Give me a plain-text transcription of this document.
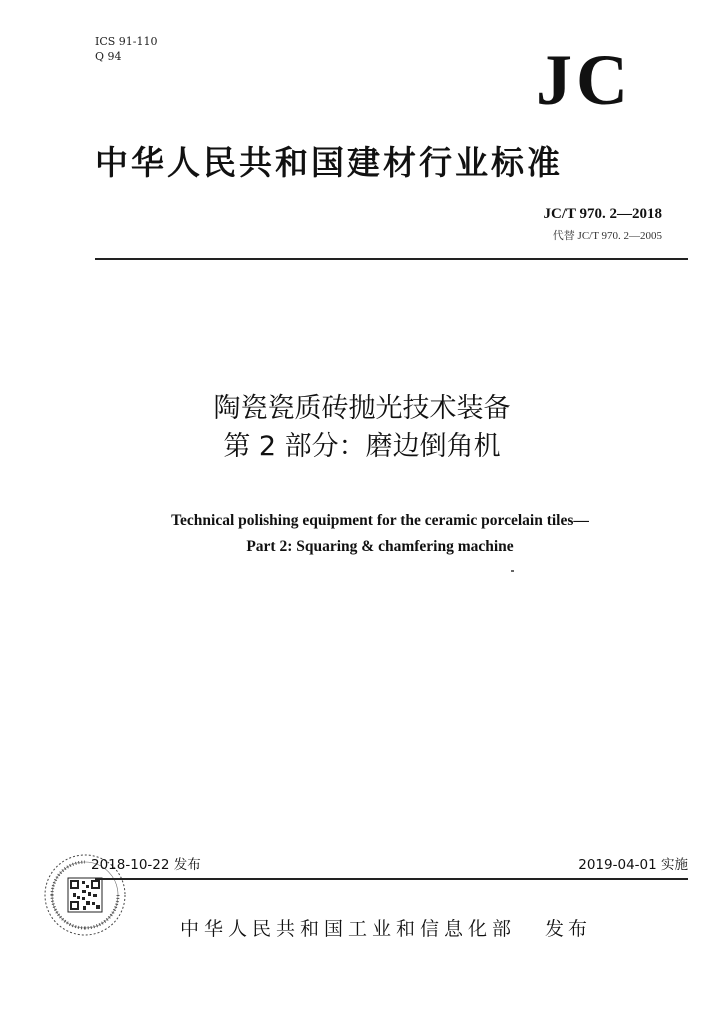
ICS 91-110
Q 94	JC
中华人民共和国建材行业标准
JC/T 970. 2—2018
代替 JC/T 970. 2—2005
陶瓷瓷质砖抛光技术装备
第 2 部分：磨边倒角机
Technical polishing equipment for the ceramic porcelain tiles—
Part 2: Squaring & chamfering machine
2018-10-22 发布	2019-04-01 实施
中华人民共和国工业和信息化部 发布
